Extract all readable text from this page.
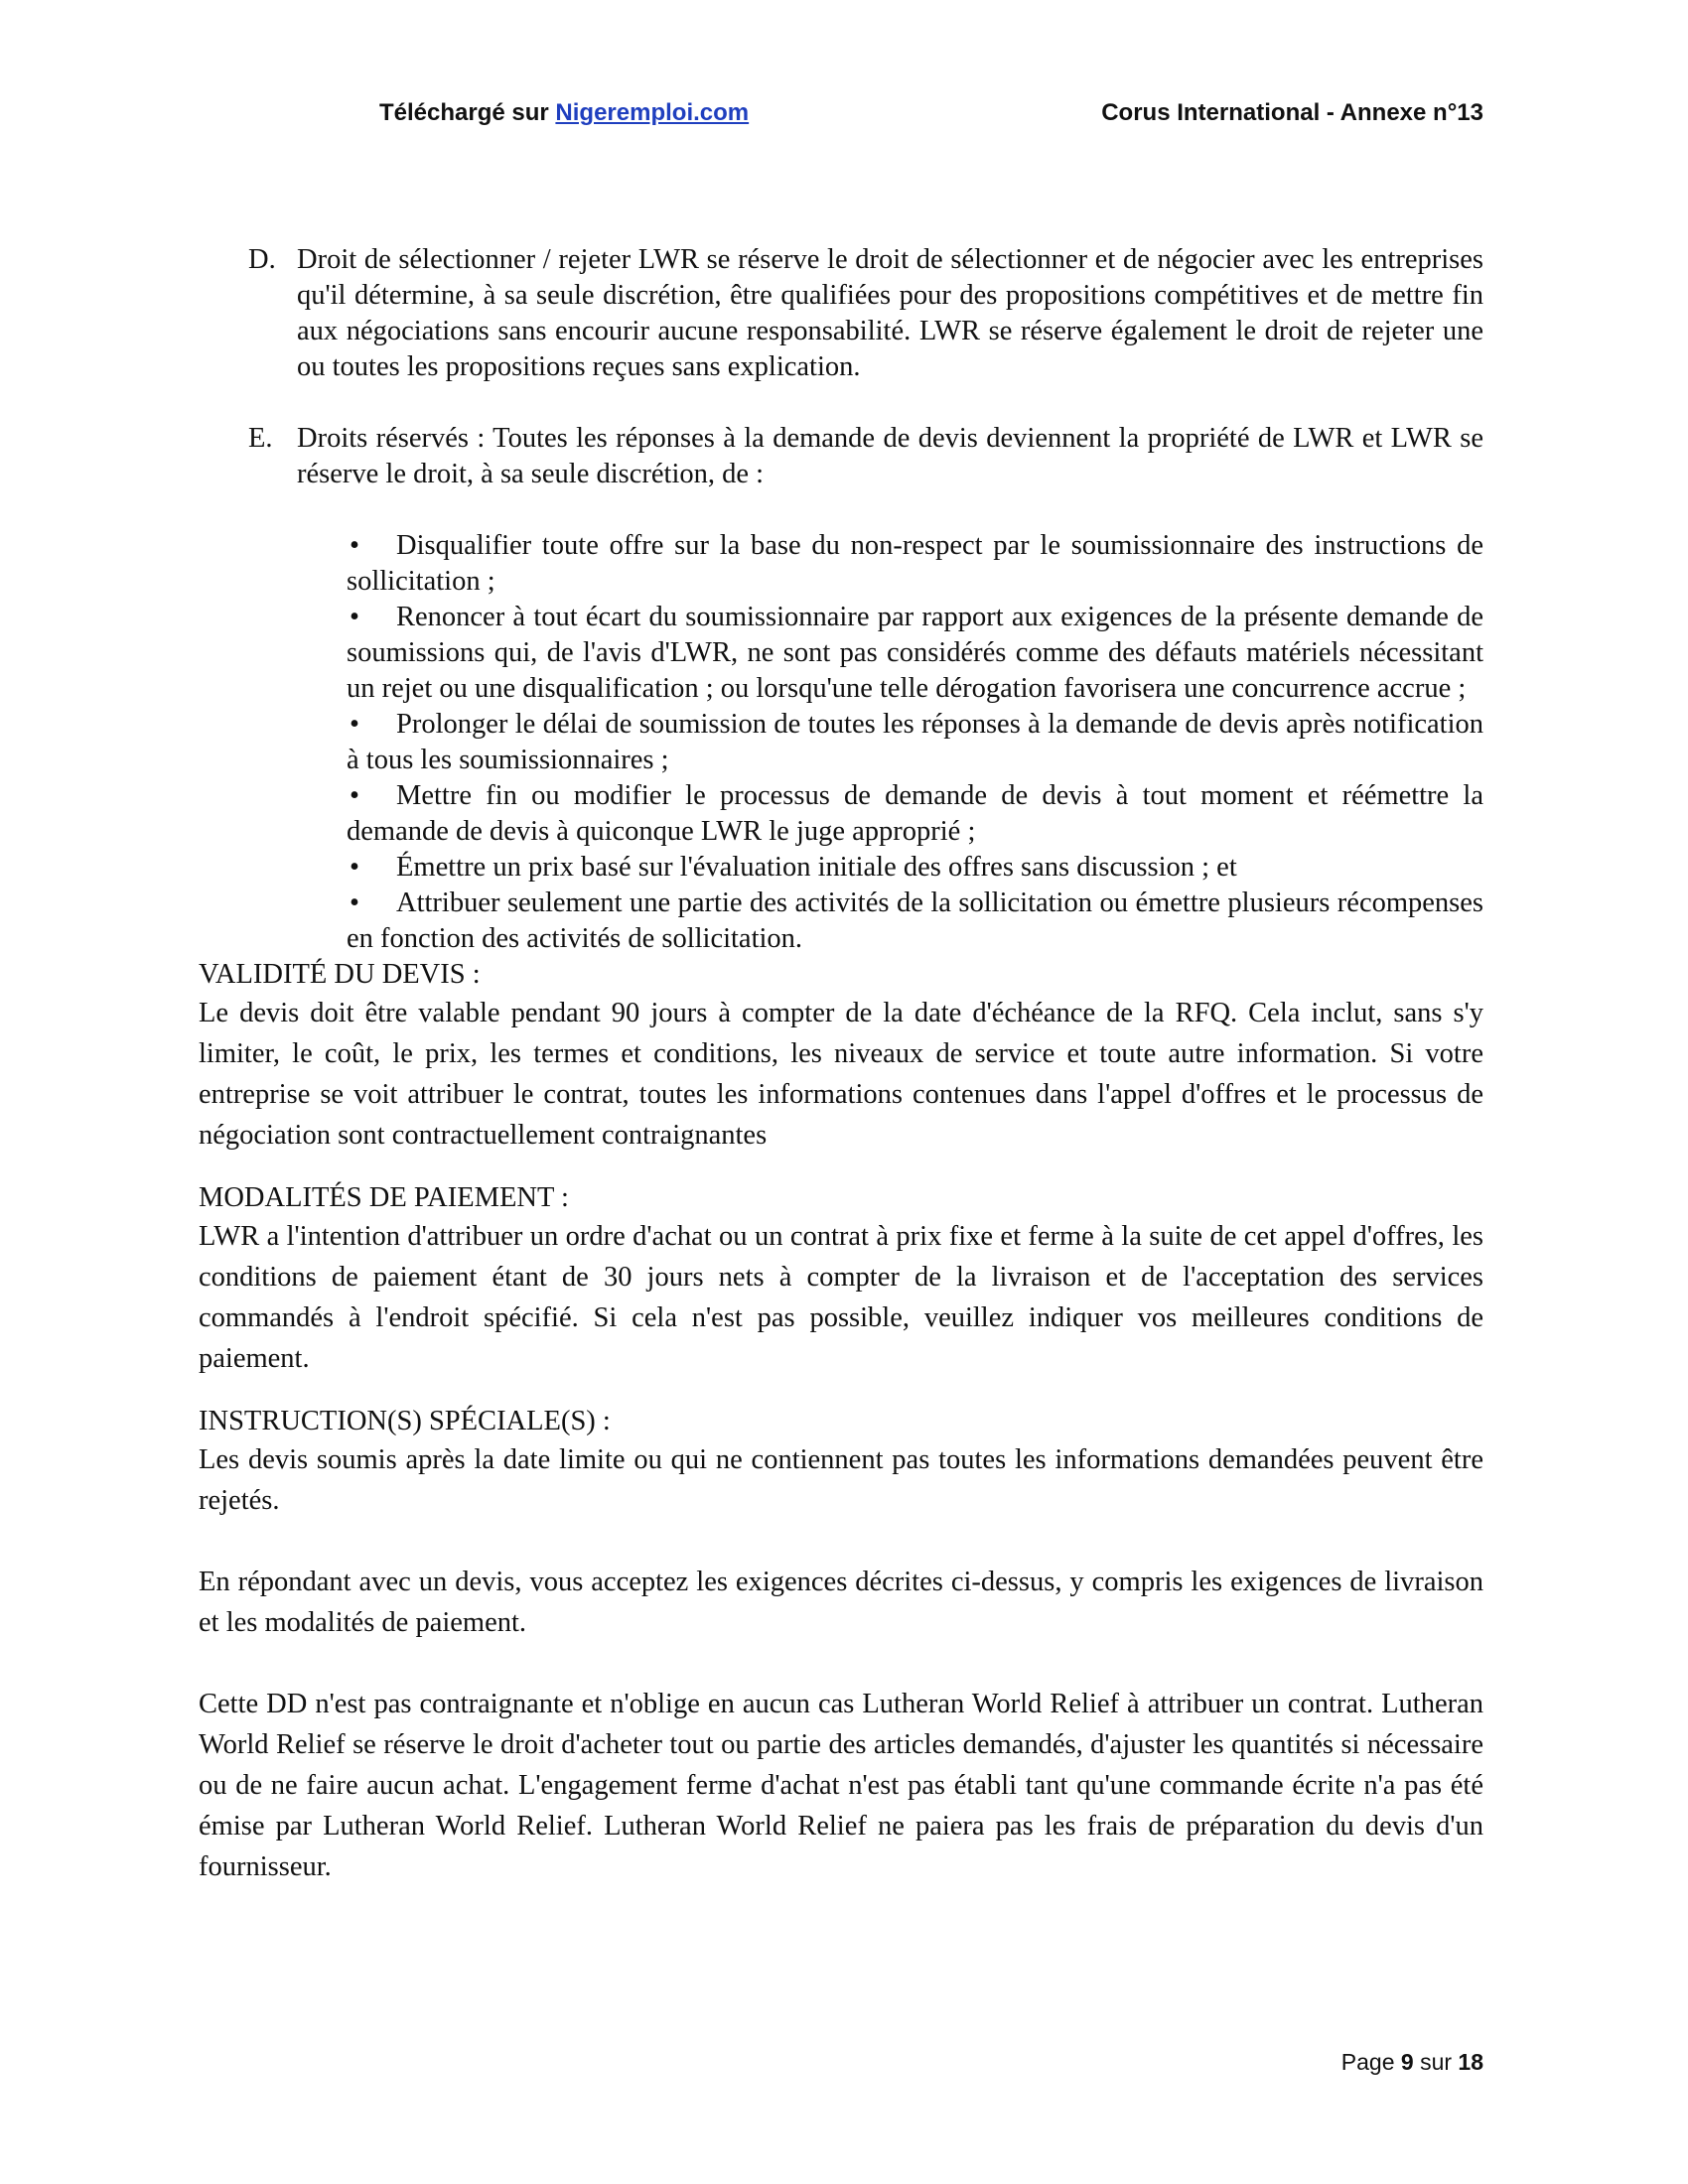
Téléchargé sur Nigeremploi.com	Corus International - Annexe n°13
D. Droit de sélectionner / rejeter LWR se réserve le droit de sélectionner et de négocier avec les entreprises qu'il détermine, à sa seule discrétion, être qualifiées pour des propositions compétitives et de mettre fin aux négociations sans encourir aucune responsabilité. LWR se réserve également le droit de rejeter une ou toutes les propositions reçues sans explication.
E. Droits réservés : Toutes les réponses à la demande de devis deviennent la propriété de LWR et LWR se réserve le droit, à sa seule discrétion, de :
• Disqualifier toute offre sur la base du non-respect par le soumissionnaire des instructions de sollicitation ;
• Renoncer à tout écart du soumissionnaire par rapport aux exigences de la présente demande de soumissions qui, de l'avis d'LWR, ne sont pas considérés comme des défauts matériels nécessitant un rejet ou une disqualification ; ou lorsqu'une telle dérogation favorisera une concurrence accrue ;
• Prolonger le délai de soumission de toutes les réponses à la demande de devis après notification à tous les soumissionnaires ;
• Mettre fin ou modifier le processus de demande de devis à tout moment et réémettre la demande de devis à quiconque LWR le juge approprié ;
• Émettre un prix basé sur l'évaluation initiale des offres sans discussion ; et
• Attribuer seulement une partie des activités de la sollicitation ou émettre plusieurs récompenses en fonction des activités de sollicitation.
VALIDITÉ DU DEVIS :
Le devis doit être valable pendant 90 jours à compter de la date d'échéance de la RFQ. Cela inclut, sans s'y limiter, le coût, le prix, les termes et conditions, les niveaux de service et toute autre information. Si votre entreprise se voit attribuer le contrat, toutes les informations contenues dans l'appel d'offres et le processus de négociation sont contractuellement contraignantes
MODALITÉS DE PAIEMENT :
LWR a l'intention d'attribuer un ordre d'achat ou un contrat à prix fixe et ferme à la suite de cet appel d'offres, les conditions de paiement étant de 30 jours nets à compter de la livraison et de l'acceptation des services commandés à l'endroit spécifié. Si cela n'est pas possible, veuillez indiquer vos meilleures conditions de paiement.
INSTRUCTION(S) SPÉCIALE(S) :
Les devis soumis après la date limite ou qui ne contiennent pas toutes les informations demandées peuvent être rejetés.
En répondant avec un devis, vous acceptez les exigences décrites ci-dessus, y compris les exigences de livraison et les modalités de paiement.
Cette DD n'est pas contraignante et n'oblige en aucun cas Lutheran World Relief à attribuer un contrat. Lutheran World Relief se réserve le droit d'acheter tout ou partie des articles demandés, d'ajuster les quantités si nécessaire ou de ne faire aucun achat. L'engagement ferme d'achat n'est pas établi tant qu'une commande écrite n'a pas été émise par Lutheran World Relief. Lutheran World Relief ne paiera pas les frais de préparation du devis d'un fournisseur.
Page 9 sur 18
